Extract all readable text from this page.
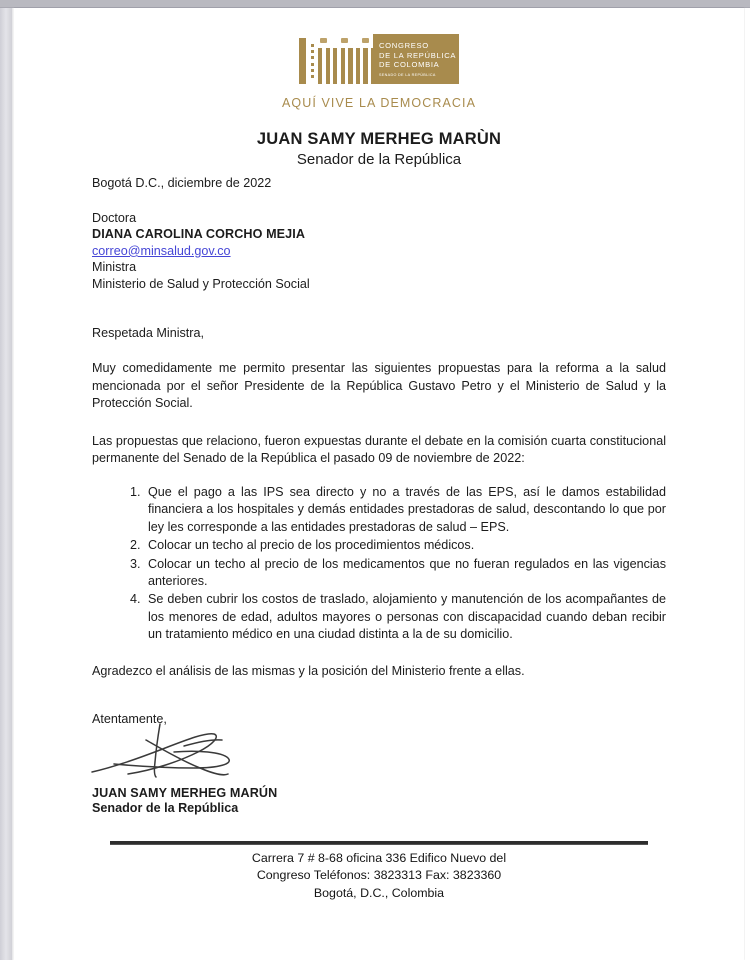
CONGRESO
DE LA REPÚBLICA
DE COLOMBIA
SENADO DE LA REPÚBLICA
AQUÍ VIVE LA DEMOCRACIA
JUAN SAMY MERHEG MARÙN
Senador de la República
Bogotá D.C., diciembre de 2022
Doctora
DIANA CAROLINA CORCHO MEJIA
correo@minsalud.gov.co
Ministra
Ministerio de Salud y Protección Social
Respetada Ministra,
Muy comedidamente me permito presentar las siguientes propuestas para la reforma a la salud mencionada por el señor Presidente de la República Gustavo Petro y el Ministerio de Salud y la Protección Social.
Las propuestas que relaciono, fueron expuestas durante el debate en la comisión cuarta constitucional permanente del Senado de la República el pasado 09 de noviembre de 2022:
1. Que el pago a las IPS sea directo y no a través de las EPS, así le damos estabilidad financiera a los hospitales y demás entidades prestadoras de salud, descontando lo que por ley les corresponde a las entidades prestadoras de salud – EPS.
2. Colocar un techo al precio de los procedimientos médicos.
3. Colocar un techo al precio de los medicamentos que no fueran regulados en las vigencias anteriores.
4. Se deben cubrir los costos de traslado, alojamiento y manutención de los acompañantes de los menores de edad, adultos mayores o personas con discapacidad cuando deban recibir un tratamiento médico en una ciudad distinta a la de su domicilio.
Agradezco el análisis de las mismas y la posición del Ministerio frente a ellas.
Atentamente,
JUAN SAMY MERHEG MARÚN
Senador de la República
Carrera 7 # 8-68 oficina 336 Edifico Nuevo del
Congreso Teléfonos: 3823313 Fax: 3823360
Bogotá, D.C., Colombia
